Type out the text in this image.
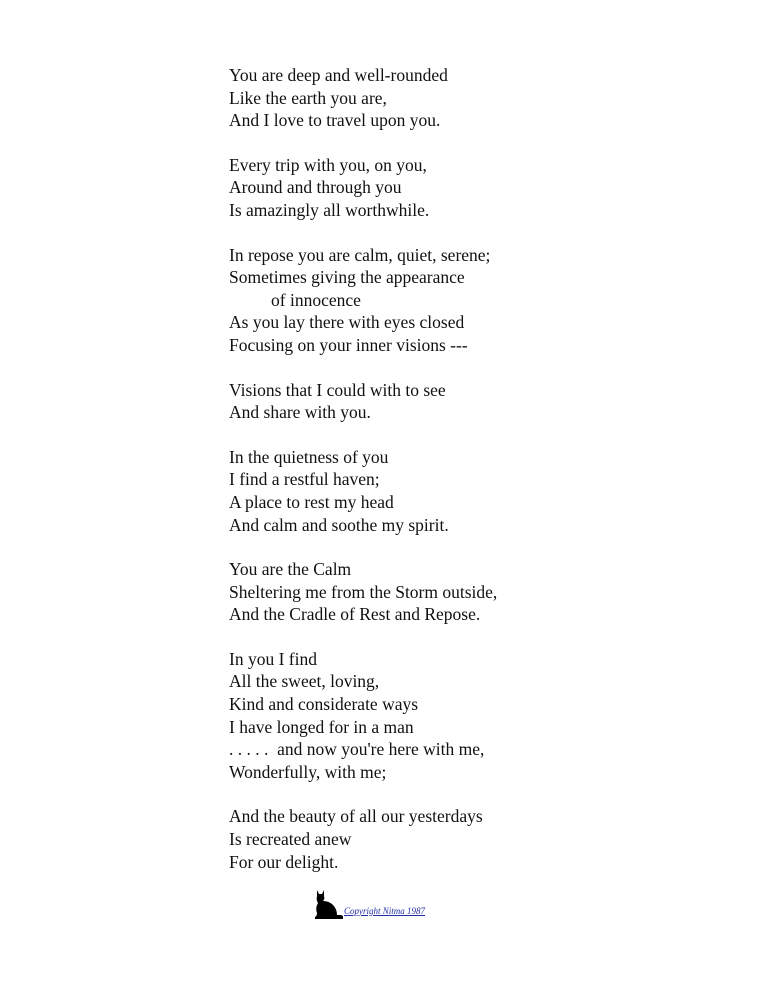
You are deep and well-rounded
Like the earth you are,
And I love to travel upon you.
Every trip with you, on you,
Around and through you
Is amazingly all worthwhile.
In repose you are calm, quiet, serene;
Sometimes giving the appearance
of innocence
As you lay there with eyes closed
Focusing on your inner visions ---
Visions that I could with to see
And share with you.
In the quietness of you
I find a restful haven;
A place to rest my head
And calm and soothe my spirit.
You are the Calm
Sheltering me from the Storm outside,
And the Cradle of Rest and Repose.
In you I find
All the sweet, loving,
Kind and considerate ways
I have longed for in a man
. . . . .  and now you're here with me,
Wonderfully, with me;
And the beauty of all our yesterdays
Is recreated anew
For our delight.
Copyright Nitma 1987
